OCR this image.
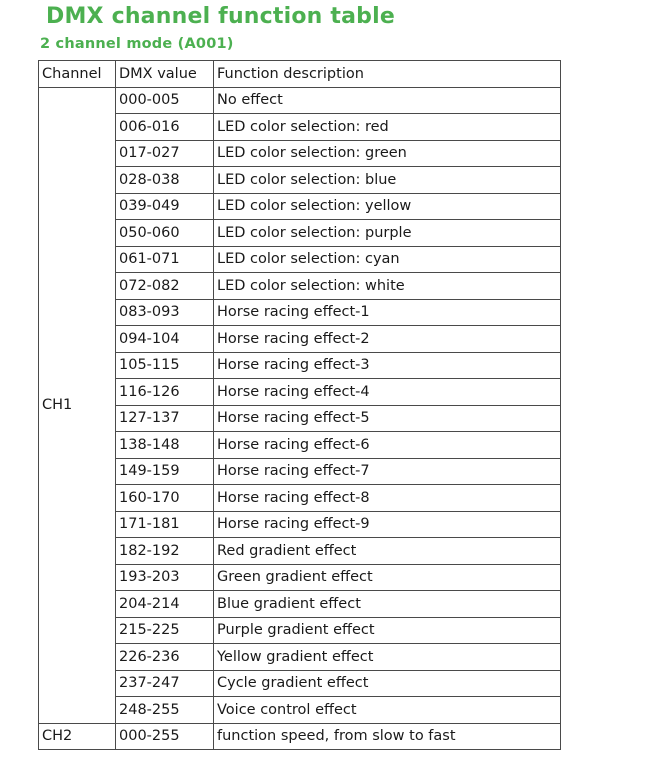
DMX channel function table
2 channel mode (A001)
Channel	DMX value	Function description
CH1	000-005	No effect
	006-016	LED color selection: red
	017-027	LED color selection: green
	028-038	LED color selection: blue
	039-049	LED color selection: yellow
	050-060	LED color selection: purple
	061-071	LED color selection: cyan
	072-082	LED color selection: white
	083-093	Horse racing effect-1
	094-104	Horse racing effect-2
	105-115	Horse racing effect-3
	116-126	Horse racing effect-4
	127-137	Horse racing effect-5
	138-148	Horse racing effect-6
	149-159	Horse racing effect-7
	160-170	Horse racing effect-8
	171-181	Horse racing effect-9
	182-192	Red gradient effect
	193-203	Green gradient effect
	204-214	Blue gradient effect
	215-225	Purple gradient effect
	226-236	Yellow gradient effect
	237-247	Cycle gradient effect
	248-255	Voice control effect
CH2	000-255	function speed, from slow to fast
